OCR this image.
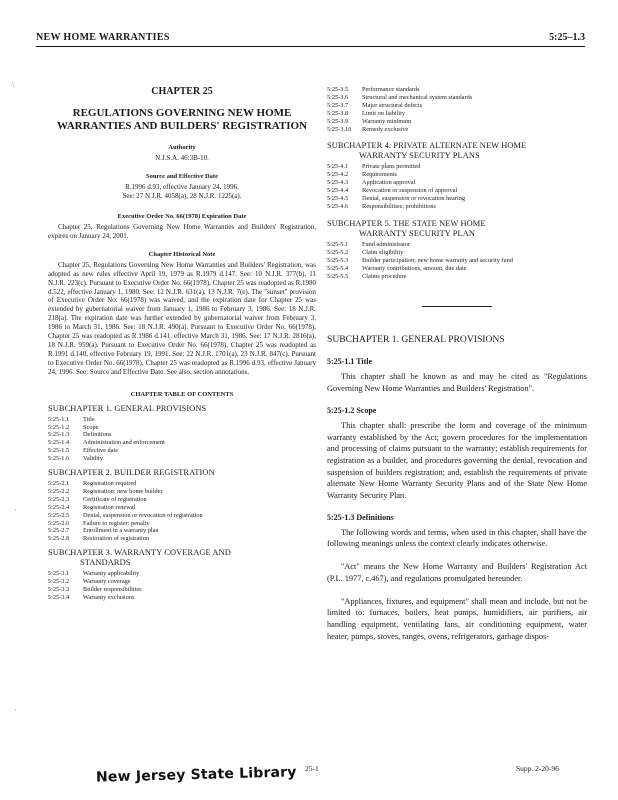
NEW HOME WARRANTIES	5:25–1.3
\
·
·
CHAPTER 25
REGULATIONS GOVERNING NEW HOME WARRANTIES AND BUILDERS' REGISTRATION
Authority
N.J.S.A. 46:3B-10.
Source and Effective Date
R.1996 d.93, effective January 24, 1996.
See: 27 N.J.R. 4058(a), 28 N.J.R. 1225(a).
Executive Order No. 66(1978) Expiration Date

Chapter 25, Regulations Governing New Home Warranties and Builders' Registration, expires on January 24, 2001.

Chapter Historical Note

Chapter 25, Regulations Governing New Home Warranties and Builders' Registration, was adopted as new rules effective April 19, 1979 as R.1979 d.147. See: 10 N.J.R. 377(b), 11 N.J.R. 223(c). Pursuant to Executive Order No. 66(1978), Chapter 25 was readopted as R.1980 d.522, effective January 1, 1980. See: 12 N.J.R. 631(a), 13 N.J.R. 7(e). The "sunset" provision of Executive Order No. 66(1978) was waived, and the expiration date for Chapter 25 was extended by gubernatorial waiver from January 1, 1986 to February 3, 1986. See: 18 N.J.R. 218(a). The expiration date was further extended by gubernatorial waiver from February 3, 1986 to March 31, 1986. See: 18 N.J.R. 490(a). Pursuant to Executive Order No. 66(1978), Chapter 25 was readopted as R.1986 d.141, effective March 31, 1986. See: 17 N.J.R. 2816(a), 18 N.J.R. 959(a). Pursuant to Executive Order No. 66(1978), Chapter 25 was readopted as R.1991 d.140, effective February 19, 1991. See: 22 N.J.R. 1701(a), 23 N.J.R. 847(c). Pursuant to Executive Order No. 66(1978), Chapter 25 was readopted as R.1996 d.93, effective January 24, 1996. See: Source and Effective Date. See also, section annotations.

CHAPTER TABLE OF CONTENTS
SUBCHAPTER 1. GENERAL PROVISIONS
5:25-1.1	Title
5:25-1.2	Scope
5:25-1.3	Definitions
5:25-1.4	Administration and enforcement
5:25-1.5	Effective date
5:25-1.6	Validity
SUBCHAPTER 2. BUILDER REGISTRATION
5:25-2.1	Registration required
5:25-2.2	Registration: new home builder
5:25-2.3	Certificate of registration
5:25-2.4	Registration renewal
5:25-2.5	Denial, suspension or revocation of registration
5:25-2.6	Failure to register: penalty
5:25-2.7	Enrollment in a warranty plan
5:25-2.8	Restoration of registration
SUBCHAPTER 3. WARRANTY COVERAGE AND
STANDARDS
5:25-3.1	Warranty applicability
5:25-3.2	Warranty coverage
5:25-3.3	Builder responsibilities
5:25-3.4	Warranty exclusions
5:25-3.5	Performance standards
5:25-3.6	Structural and mechanical system standards
5:25-3.7	Major structural defects
5:25-3.8	Limit on liability
5:25-3.9	Warranty minimum
5:25-3.10	Remedy exclusive
SUBCHAPTER 4. PRIVATE ALTERNATE NEW HOME
WARRANTY SECURITY PLANS
5:25-4.1	Private plans permitted
5:25-4.2	Requirements
5:25-4.3	Application approval
5:25-4.4	Revocation or suspension of approval
5:25-4.5	Denial, suspension or revocation hearing
5:25-4.6	Responsibilities; prohibitions
SUBCHAPTER 5. THE STATE NEW HOME
WARRANTY SECURITY PLAN
5:25-5.1	Fund administrator
5:25-5.2	Claim eligibility
5:25-5.3	Builder participation; new home warranty and security fund
5:25-5.4	Warranty contributions, amount, due date
5:25-5.5	Claims procedure
SUBCHAPTER 1. GENERAL PROVISIONS
5:25-1.1 Title

This chapter shall be known as and may be cited as "Regulations Governing New Home Warranties and Builders' Registration".

5:25-1.2 Scope

This chapter shall: prescribe the form and coverage of the minimum warranty established by the Act; govern procedures for the implementation and processing of claims pursuant to the warranty; establish requirements for registration as a builder, and procedures governing the denial, revocation and suspension of builders registration; and, establish the requirements of private alternate New Home Warranty Security Plans and of the State New Home Warranty Security Plan.

5:25-1.3 Definitions

The following words and terms, when used in this chapter, shall have the following meanings unless the context clearly indicates otherwise.

"Act" means the New Home Warranty and Builders' Registration Act (P.L. 1977, c.467), and regulations promulgated hereunder.

"Appliances, fixtures, and equipment" shall mean and include, but not be limited to: furnaces, boilers, heat pumps, humidifiers, air purifiers, air handling equipment, ventilating fans, air conditioning equipment, water heater, pumps, stoves, ranges, ovens, refrigerators, garbage dispos-

New Jersey State Library 25-1	Supp. 2-20-96
